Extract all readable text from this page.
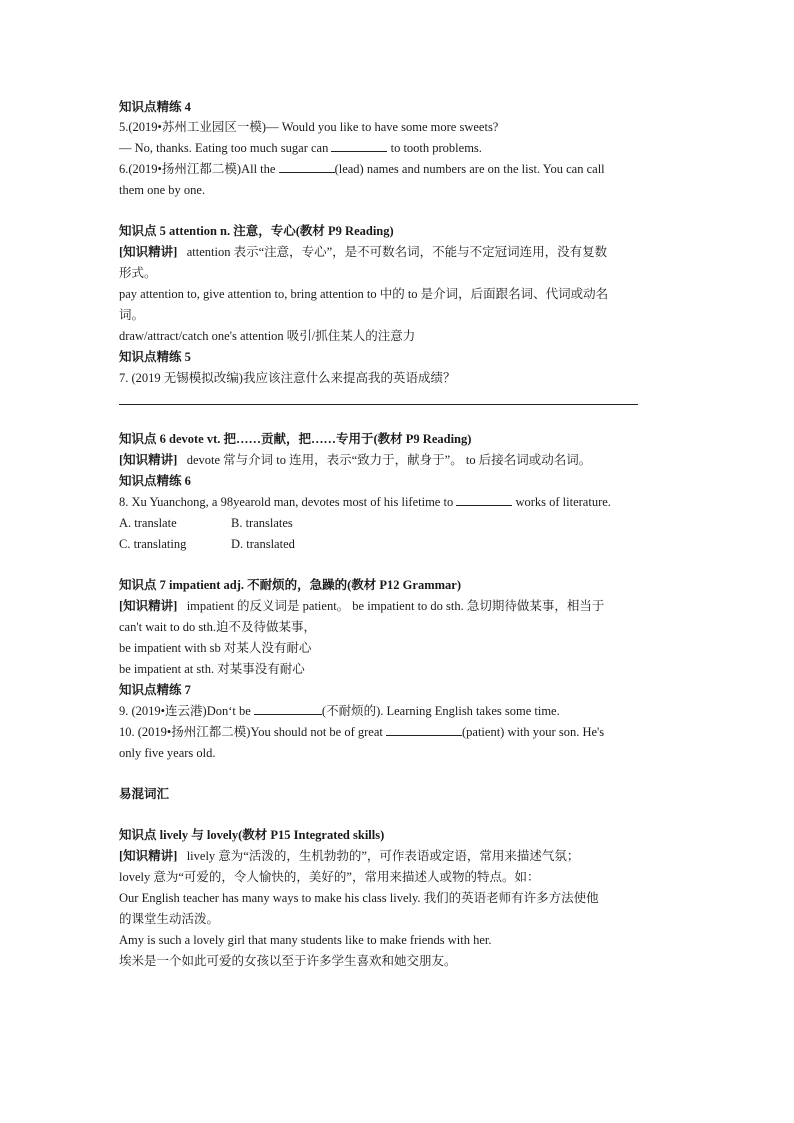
知识点精练 4
5.(2019•苏州工业园区一模)— Would you like to have some more sweets?
— No, thanks. Eating too much sugar can	to tooth problems.
6.(2019•扬州江都二模)All the	(lead) names and numbers are on the list. You can call
them one by one.
知识点 5 attention n. 注意，专心(教材 P9 Reading)
[知识精讲] attention 表示“注意，专心”，是不可数名词，不能与不定冠词连用，没有复数
形式。
pay attention to, give attention to, bring attention to 中的 to 是介词，后面跟名词、代词或动名
词。
draw/attract/catch one's attention 吸引/抓住某人的注意力
知识点精练 5
7. (2019 无锡模拟改编)我应该注意什么来提高我的英语成绩？
知识点 6 devote vt. 把……贡献，把……专用于(教材 P9 Reading)
[知识精讲] devote 常与介词 to 连用，表示“致力于，献身于”。 to 后接名词或动名词。
知识点精练 6
8. Xu Yuanchong, a 98yearold man, devotes most of his lifetime to	works of literature.
A. translate	B. translates
C. translating	D. translated
知识点 7 impatient adj. 不耐烦的，急躁的(教材 P12 Grammar)
[知识精讲] impatient 的反义词是 patient。 be impatient to do sth. 急切期待做某事，相当于
can't wait to do sth.迫不及待做某事，
be impatient with sb 对某人没有耐心
be impatient at sth. 对某事没有耐心
知识点精练 7
9. (2019•连云港)Don‘t be	(不耐烦的). Learning English takes some time.
10. (2019•扬州江都二模)You should not be of great	(patient) with your son. He's
only five years old.
易混词汇
知识点 lively 与 lovely(教材 P15 Integrated skills)
[知识精讲] lively 意为“活泼的，生机勃勃的”，可作表语或定语，常用来描述气氛；
lovely 意为“可爱的，令人愉快的，美好的”，常用来描述人或物的特点。如：
Our English teacher has many ways to make his class lively. 我们的英语老师有许多方法使他
的课堂生动活泼。
Amy is such a lovely girl that many students like to make friends with her.
埃米是一个如此可爱的女孩以至于许多学生喜欢和她交朋友。
